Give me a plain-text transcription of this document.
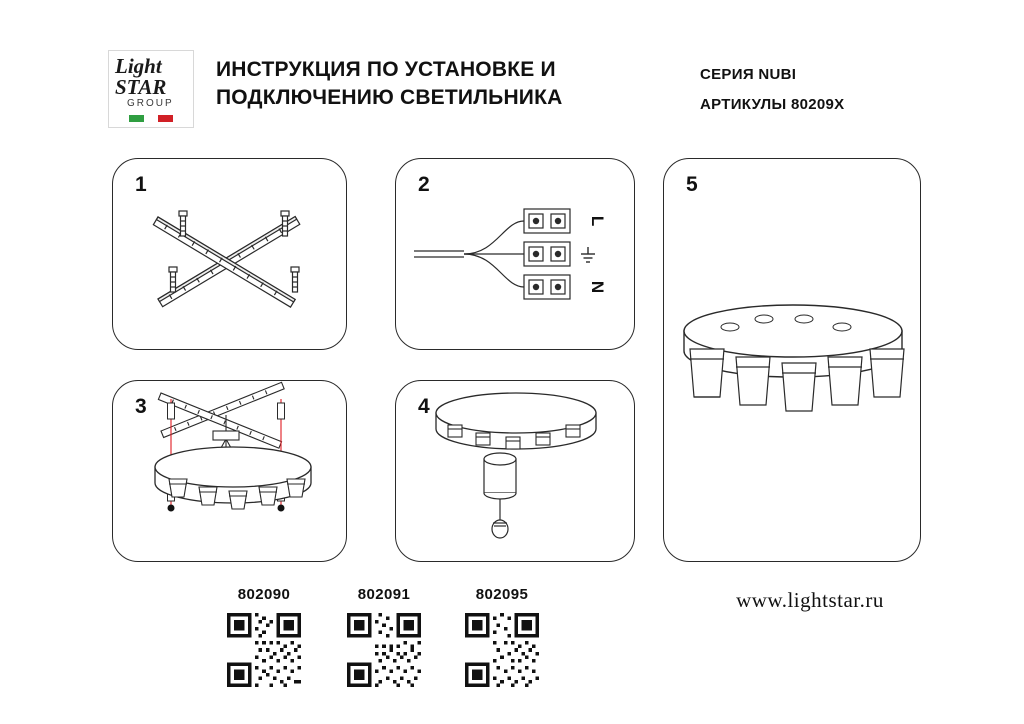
Light
STAR
GROUP
ИНСТРУКЦИЯ ПО УСТАНОВКЕ И ПОДКЛЮЧЕНИЮ СВЕТИЛЬНИКА
СЕРИЯ NUBI
АРТИКУЛЫ 80209X
1	2
L
N
3	4
5
802090	802091	802095	www.lightstar.ru
